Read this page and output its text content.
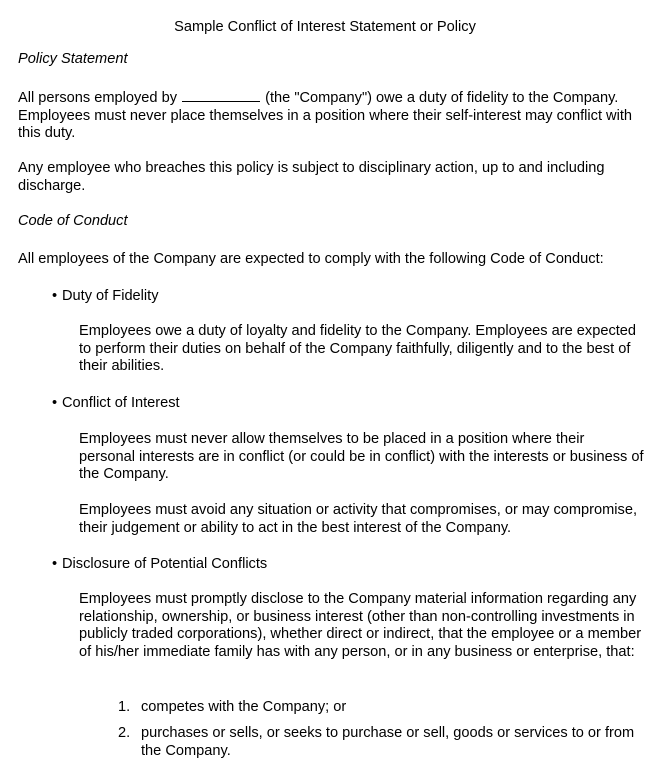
Sample Conflict of Interest Statement or Policy
Policy Statement

All persons employed by	(the "Company") owe a duty of fidelity to the Company. Employees must never place themselves in a position where their self-interest may conflict with this duty.

Any employee who breaches this policy is subject to disciplinary action, up to and including discharge.

Code of Conduct

All employees of the Company are expected to comply with the following Code of Conduct:

• Duty of Fidelity

Employees owe a duty of loyalty and fidelity to the Company. Employees are expected to perform their duties on behalf of the Company faithfully, diligently and to the best of their abilities.

• Conflict of Interest

Employees must never allow themselves to be placed in a position where their personal interests are in conflict (or could be in conflict) with the interests or business of the Company.

Employees must avoid any situation or activity that compromises, or may compromise, their judgement or ability to act in the best interest of the Company.

• Disclosure of Potential Conflicts

Employees must promptly disclose to the Company material information regarding any relationship, ownership, or business interest (other than non-controlling investments in publicly traded corporations), whether direct or indirect, that the employee or a member of his/her immediate family has with any person, or in any business or enterprise, that:

1. competes with the Company; or
2. purchases or sells, or seeks to purchase or sell, goods or services to or from the Company.
